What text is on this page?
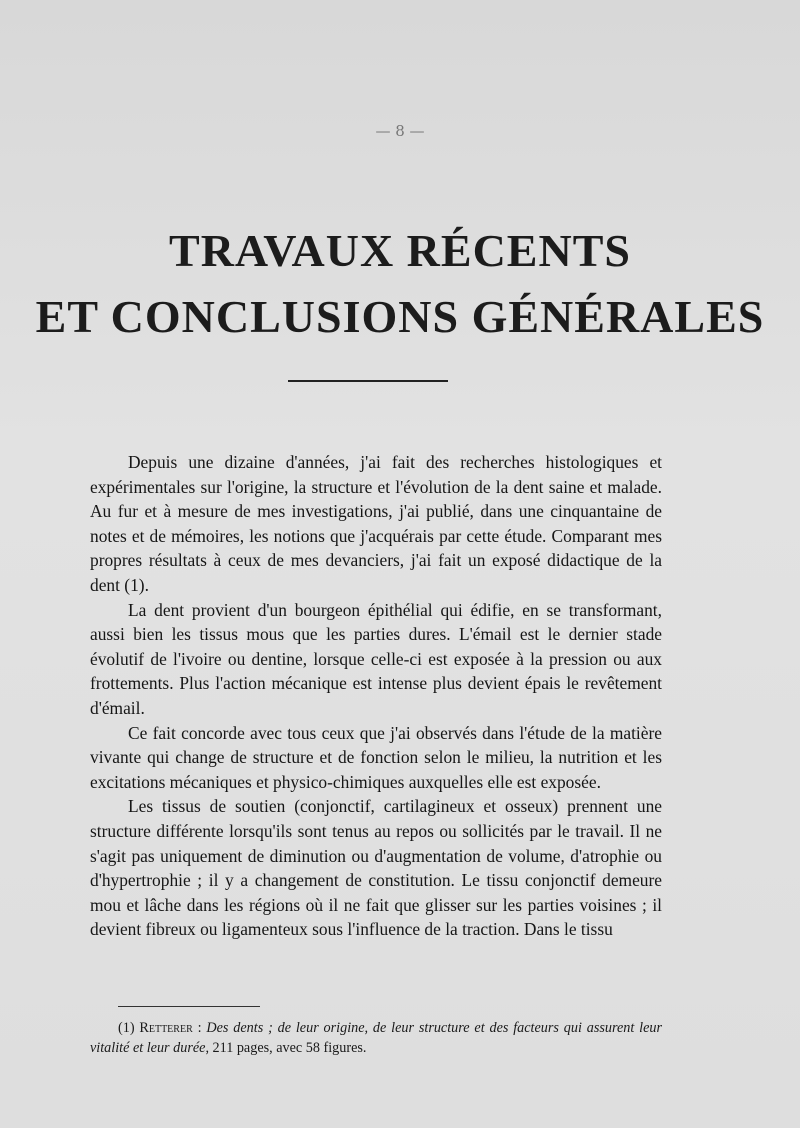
— 8 —
TRAVAUX RÉCENTS
ET CONCLUSIONS GÉNÉRALES

Depuis une dizaine d'années, j'ai fait des recherches histologiques et expérimentales sur l'origine, la structure et l'évolution de la dent saine et malade. Au fur et à mesure de mes investigations, j'ai publié, dans une cinquantaine de notes et de mémoires, les notions que j'acquérais par cette étude. Comparant mes propres résultats à ceux de mes devanciers, j'ai fait un exposé didactique de la dent (1).

La dent provient d'un bourgeon épithélial qui édifie, en se transformant, aussi bien les tissus mous que les parties dures. L'émail est le dernier stade évolutif de l'ivoire ou dentine, lorsque celle-ci est exposée à la pression ou aux frottements. Plus l'action mécanique est intense plus devient épais le revêtement d'émail.

Ce fait concorde avec tous ceux que j'ai observés dans l'étude de la matière vivante qui change de structure et de fonction selon le milieu, la nutrition et les excitations mécaniques et physico-chimiques auxquelles elle est exposée.

Les tissus de soutien (conjonctif, cartilagineux et osseux) prennent une structure différente lorsqu'ils sont tenus au repos ou sollicités par le travail. Il ne s'agit pas uniquement de diminution ou d'augmentation de volume, d'atrophie ou d'hypertrophie ; il y a changement de constitution. Le tissu conjonctif demeure mou et lâche dans les régions où il ne fait que glisser sur les parties voisines ; il devient fibreux ou ligamenteux sous l'influence de la traction. Dans le tissu

(1) Retterer : Des dents ; de leur origine, de leur structure et des facteurs qui assurent leur vitalité et leur durée, 211 pages, avec 58 figures.
